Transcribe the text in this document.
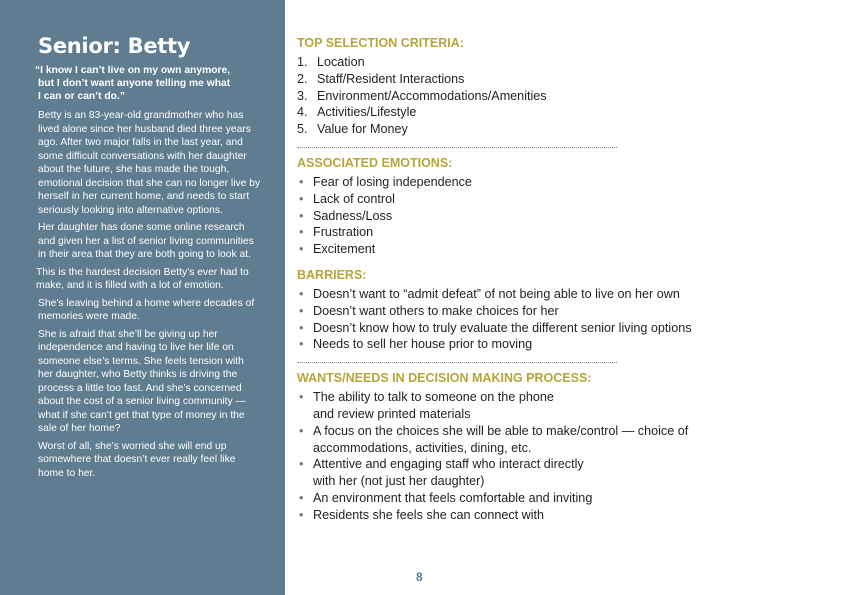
Senior: Betty

“I know I can’t live on my own anymore,

but I don’t want anyone telling me what

I can or can’t do.”

Betty is an 83-year-old grandmother who has lived alone since her husband died three years ago. After two major falls in the last year, and some difficult conversations with her daughter about the future, she has made the tough, emotional decision that she can no longer live by herself in her current home, and needs to start seriously looking into alternative options.

Her daughter has done some online research and given her a list of senior living communities in their area that they are both going to look at.

This is the hardest decision Betty’s ever had to make, and it is filled with a lot of emotion.

She’s leaving behind a home where decades of memories were made.

She is afraid that she’ll be giving up her independence and having to live her life on someone else’s terms. She feels tension with her daughter, who Betty thinks is driving the process a little too fast. And she’s concerned about the cost of a senior living community — what if she can’t get that type of money in the sale of her home?

Worst of all, she’s worried she will end up somewhere that doesn’t ever really feel like home to her.

TOP SELECTION CRITERIA:
1. Location
2. Staff/Resident Interactions
3. Environment/Accommodations/Amenities
4. Activities/Lifestyle
5. Value for Money
ASSOCIATED EMOTIONS:
• Fear of losing independence
• Lack of control
• Sadness/Loss
• Frustration
• Excitement
BARRIERS:
• Doesn’t want to “admit defeat” of not being able to live on her own
• Doesn’t want others to make choices for her
• Doesn’t know how to truly evaluate the different senior living options
• Needs to sell her house prior to moving
WANTS/NEEDS IN DECISION MAKING PROCESS:
• The ability to talk to someone on the phone
and review printed materials
• A focus on the choices she will be able to make/control — choice of
accommodations, activities, dining, etc.
• Attentive and engaging staff who interact directly
with her (not just her daughter)
• An environment that feels comfortable and inviting
• Residents she feels she can connect with
8
